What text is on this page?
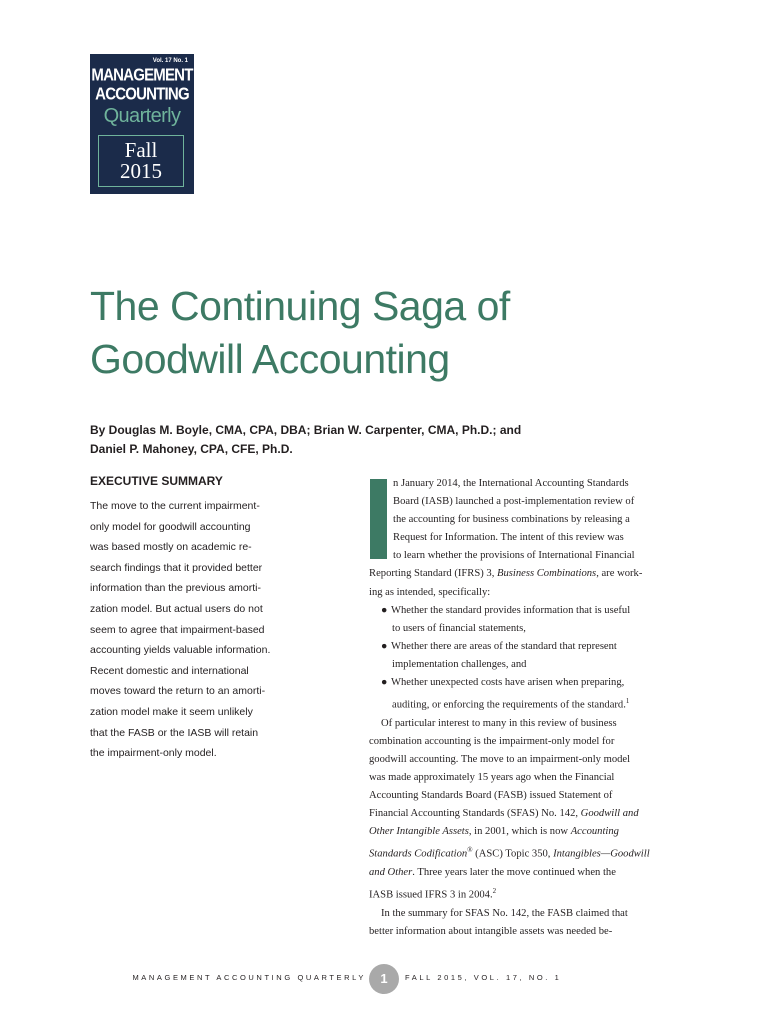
Vol. 17 No. 1
MANAGEMENT
ACCOUNTING
Quarterly
Fall
2015
The Continuing Saga of
Goodwill Accounting
By Douglas M. Boyle, CMA, CPA, DBA; Brian W. Carpenter, CMA, Ph.D.; and
Daniel P. Mahoney, CPA, CFE, Ph.D.
EXECUTIVE SUMMARY
The move to the current impairment-
only model for goodwill accounting
was based mostly on academic re-
search findings that it provided better
information than the previous amorti-
zation model. But actual users do not
seem to agree that impairment-based
accounting yields valuable information.
Recent domestic and international
moves toward the return to an amorti-
zation model make it seem unlikely
that the FASB or the IASB will retain
the impairment-only model.
n January 2014, the International Accounting Standards
Board (IASB) launched a post-implementation review of
the accounting for business combinations by releasing a
Request for Information. The intent of this review was
to learn whether the provisions of International Financial
Reporting Standard (IFRS) 3, Business Combinations, are work-
ing as intended, specifically:
● Whether the standard provides information that is useful
to users of financial statements,
● Whether there are areas of the standard that represent
implementation challenges, and
● Whether unexpected costs have arisen when preparing,
auditing, or enforcing the requirements of the standard.$^1$
Of particular interest to many in this review of business
combination accounting is the impairment-only model for
goodwill accounting. The move to an impairment-only model
was made approximately 15 years ago when the Financial
Accounting Standards Board (FASB) issued Statement of
Financial Accounting Standards (SFAS) No. 142, Goodwill and
Other Intangible Assets, in 2001, which is now Accounting
Standards Codification® (ASC) Topic 350, Intangibles—Goodwill
and Other. Three years later the move continued when the
IASB issued IFRS 3 in 2004.$^2$
In the summary for SFAS No. 142, the FASB claimed that
better information about intangible assets was needed be-
MANAGEMENT ACCOUNTING QUARTERLY	1	FALL 2015, VOL. 17, NO. 1
